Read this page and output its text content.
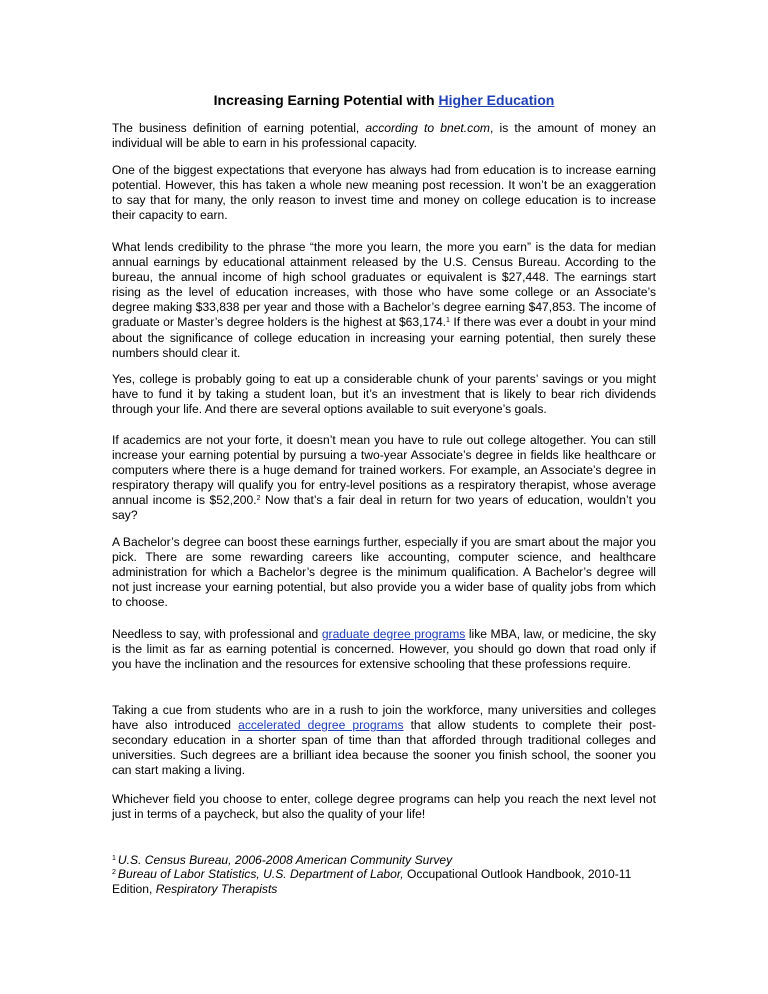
Increasing Earning Potential with Higher Education

The business definition of earning potential, according to bnet.com, is the amount of money an individual will be able to earn in his professional capacity.

One of the biggest expectations that everyone has always had from education is to increase earning potential. However, this has taken a whole new meaning post recession. It won’t be an exaggeration to say that for many, the only reason to invest time and money on college education is to increase their capacity to earn.

What lends credibility to the phrase “the more you learn, the more you earn” is the data for median annual earnings by educational attainment released by the U.S. Census Bureau. According to the bureau, the annual income of high school graduates or equivalent is $27,448. The earnings start rising as the level of education increases, with those who have some college or an Associate’s degree making $33,838 per year and those with a Bachelor’s degree earning $47,853. The income of graduate or Master’s degree holders is the highest at $63,174.$^1$ If there was ever a doubt in your mind about the significance of college education in increasing your earning potential, then surely these numbers should clear it.

Yes, college is probably going to eat up a considerable chunk of your parents’ savings or you might have to fund it by taking a student loan, but it’s an investment that is likely to bear rich dividends through your life. And there are several options available to suit everyone’s goals.

If academics are not your forte, it doesn’t mean you have to rule out college altogether. You can still increase your earning potential by pursuing a two-year Associate’s degree in fields like healthcare or computers where there is a huge demand for trained workers. For example, an Associate’s degree in respiratory therapy will qualify you for entry-level positions as a respiratory therapist, whose average annual income is $52,200.$^2$ Now that’s a fair deal in return for two years of education, wouldn’t you say?

A Bachelor’s degree can boost these earnings further, especially if you are smart about the major you pick. There are some rewarding careers like accounting, computer science, and healthcare administration for which a Bachelor’s degree is the minimum qualification. A Bachelor’s degree will not just increase your earning potential, but also provide you a wider base of quality jobs from which to choose.

Needless to say, with professional and graduate degree programs like MBA, law, or medicine, the sky is the limit as far as earning potential is concerned. However, you should go down that road only if you have the inclination and the resources for extensive schooling that these professions require.

Taking a cue from students who are in a rush to join the workforce, many universities and colleges have also introduced accelerated degree programs that allow students to complete their post-secondary education in a shorter span of time than that afforded through traditional colleges and universities. Such degrees are a brilliant idea because the sooner you finish school, the sooner you can start making a living.

Whichever field you choose to enter, college degree programs can help you reach the next level not just in terms of a paycheck, but also the quality of your life!

$^1$ U.S. Census Bureau, 2006-2008 American Community Survey

$^2$ Bureau of Labor Statistics, U.S. Department of Labor, Occupational Outlook Handbook, 2010-11 Edition, Respiratory Therapists
